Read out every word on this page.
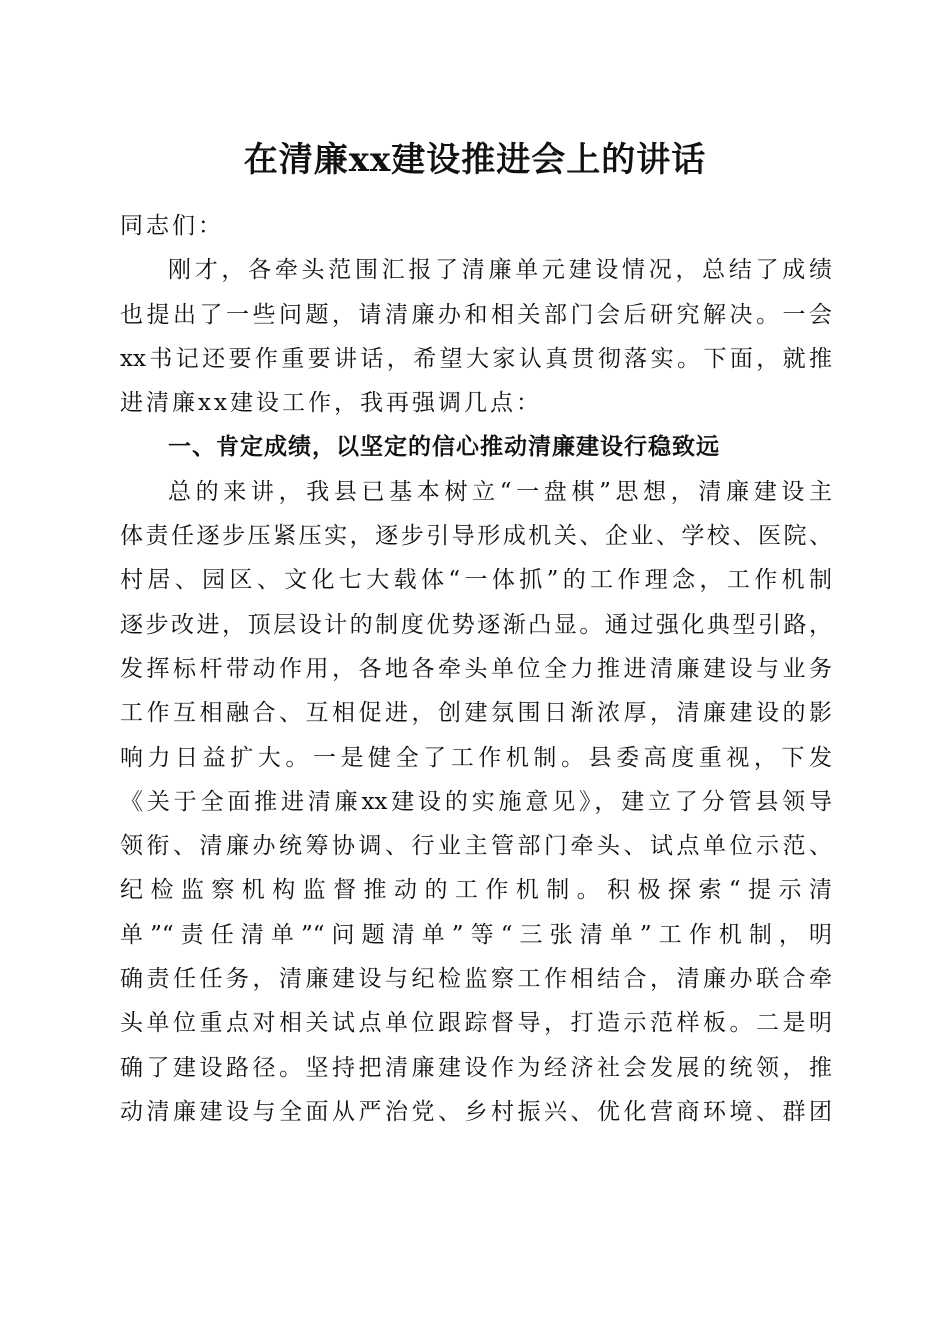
在清廉xx建设推进会上的讲话
同志们：
刚才，各牵头范围汇报了清廉单元建设情况，总结了成绩
也提出了一些问题，请清廉办和相关部门会后研究解决。一会
xx书记还要作重要讲话，希望大家认真贯彻落实。下面，就推
进清廉xx建设工作，我再强调几点：
一、肯定成绩，以坚定的信心推动清廉建设行稳致远
总的来讲，我县已基本树立“一盘棋”思想，清廉建设主
体责任逐步压紧压实，逐步引导形成机关、企业、学校、医院、
村居、园区、文化七大载体“一体抓”的工作理念，工作机制
逐步改进，顶层设计的制度优势逐渐凸显。通过强化典型引路，
发挥标杆带动作用，各地各牵头单位全力推进清廉建设与业务
工作互相融合、互相促进，创建氛围日渐浓厚，清廉建设的影
响力日益扩大。一是健全了工作机制。县委高度重视，下发
《关于全面推进清廉xx建设的实施意见》，建立了分管县领导
领衔、清廉办统筹协调、行业主管部门牵头、试点单位示范、
纪检监察机构监督推动的工作机制。积极探索“提示清
单”“责任清单”“问题清单”等“三张清单”工作机制，明
确责任任务，清廉建设与纪检监察工作相结合，清廉办联合牵
头单位重点对相关试点单位跟踪督导，打造示范样板。二是明
确了建设路径。坚持把清廉建设作为经济社会发展的统领，推
动清廉建设与全面从严治党、乡村振兴、优化营商环境、群团
